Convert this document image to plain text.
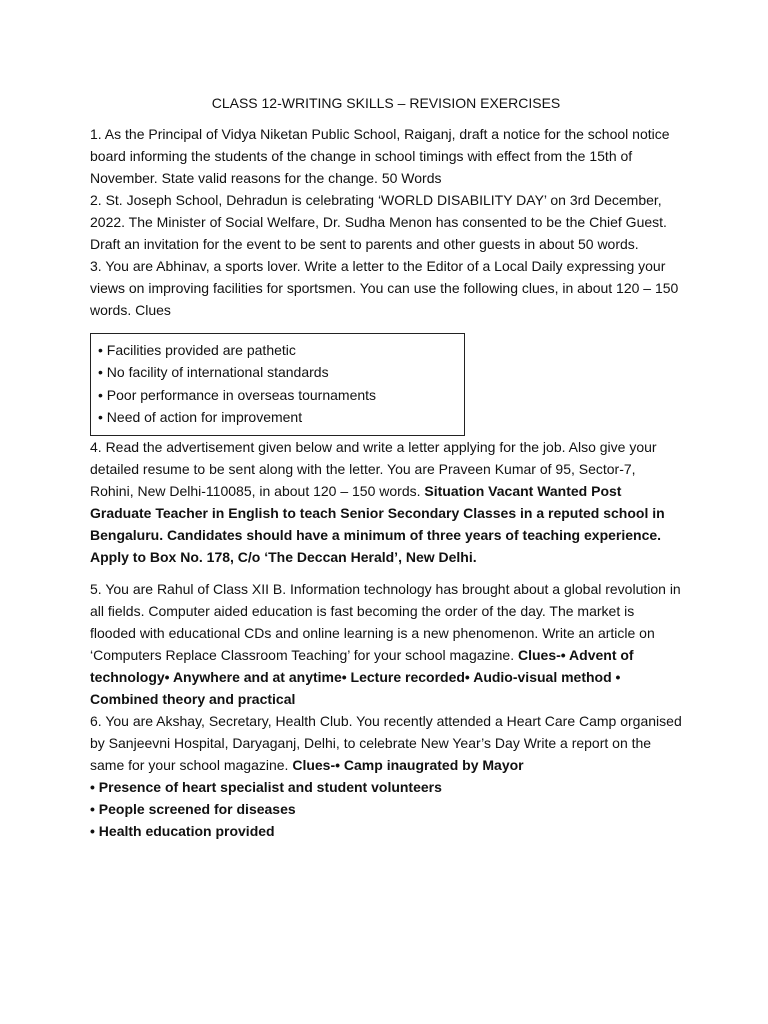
CLASS 12-WRITING SKILLS – REVISION EXERCISES

1. As the Principal of Vidya Niketan Public School, Raiganj, draft a notice for the school notice board informing the students of the change in school timings with effect from the 15th of November. State valid reasons for the change. 50 Words

2. St. Joseph School, Dehradun is celebrating ‘WORLD DISABILITY DAY’ on 3rd December, 2022. The Minister of Social Welfare, Dr. Sudha Menon has consented to be the Chief Guest. Draft an invitation for the event to be sent to parents and other guests in about 50 words.

3. You are Abhinav, a sports lover. Write a letter to the Editor of a Local Daily expressing your views on improving facilities for sportsmen. You can use the following clues, in about 120 – 150 words. Clues

• Facilities provided are pathetic
• No facility of international standards
• Poor performance in overseas tournaments
• Need of action for improvement

4. Read the advertisement given below and write a letter applying for the job. Also give your detailed resume to be sent along with the letter. You are Praveen Kumar of 95, Sector-7, Rohini, New Delhi-110085, in about 120 – 150 words. Situation Vacant Wanted Post Graduate Teacher in English to teach Senior Secondary Classes in a reputed school in Bengaluru. Candidates should have a minimum of three years of teaching experience. Apply to Box No. 178, C/o ‘The Deccan Herald’, New Delhi.

5. You are Rahul of Class XII B. Information technology has brought about a global revolution in all fields. Computer aided education is fast becoming the order of the day. The market is flooded with educational CDs and online learning is a new phenomenon. Write an article on ‘Computers Replace Classroom Teaching’ for your school magazine. Clues-• Advent of technology• Anywhere and at anytime• Lecture recorded• Audio-visual method • Combined theory and practical

6. You are Akshay, Secretary, Health Club. You recently attended a Heart Care Camp organised by Sanjeevni Hospital, Daryaganj, Delhi, to celebrate New Year’s Day Write a report on the same for your school magazine. Clues-• Camp inaugrated by Mayor
• Presence of heart specialist and student volunteers
• People screened for diseases
• Health education provided
